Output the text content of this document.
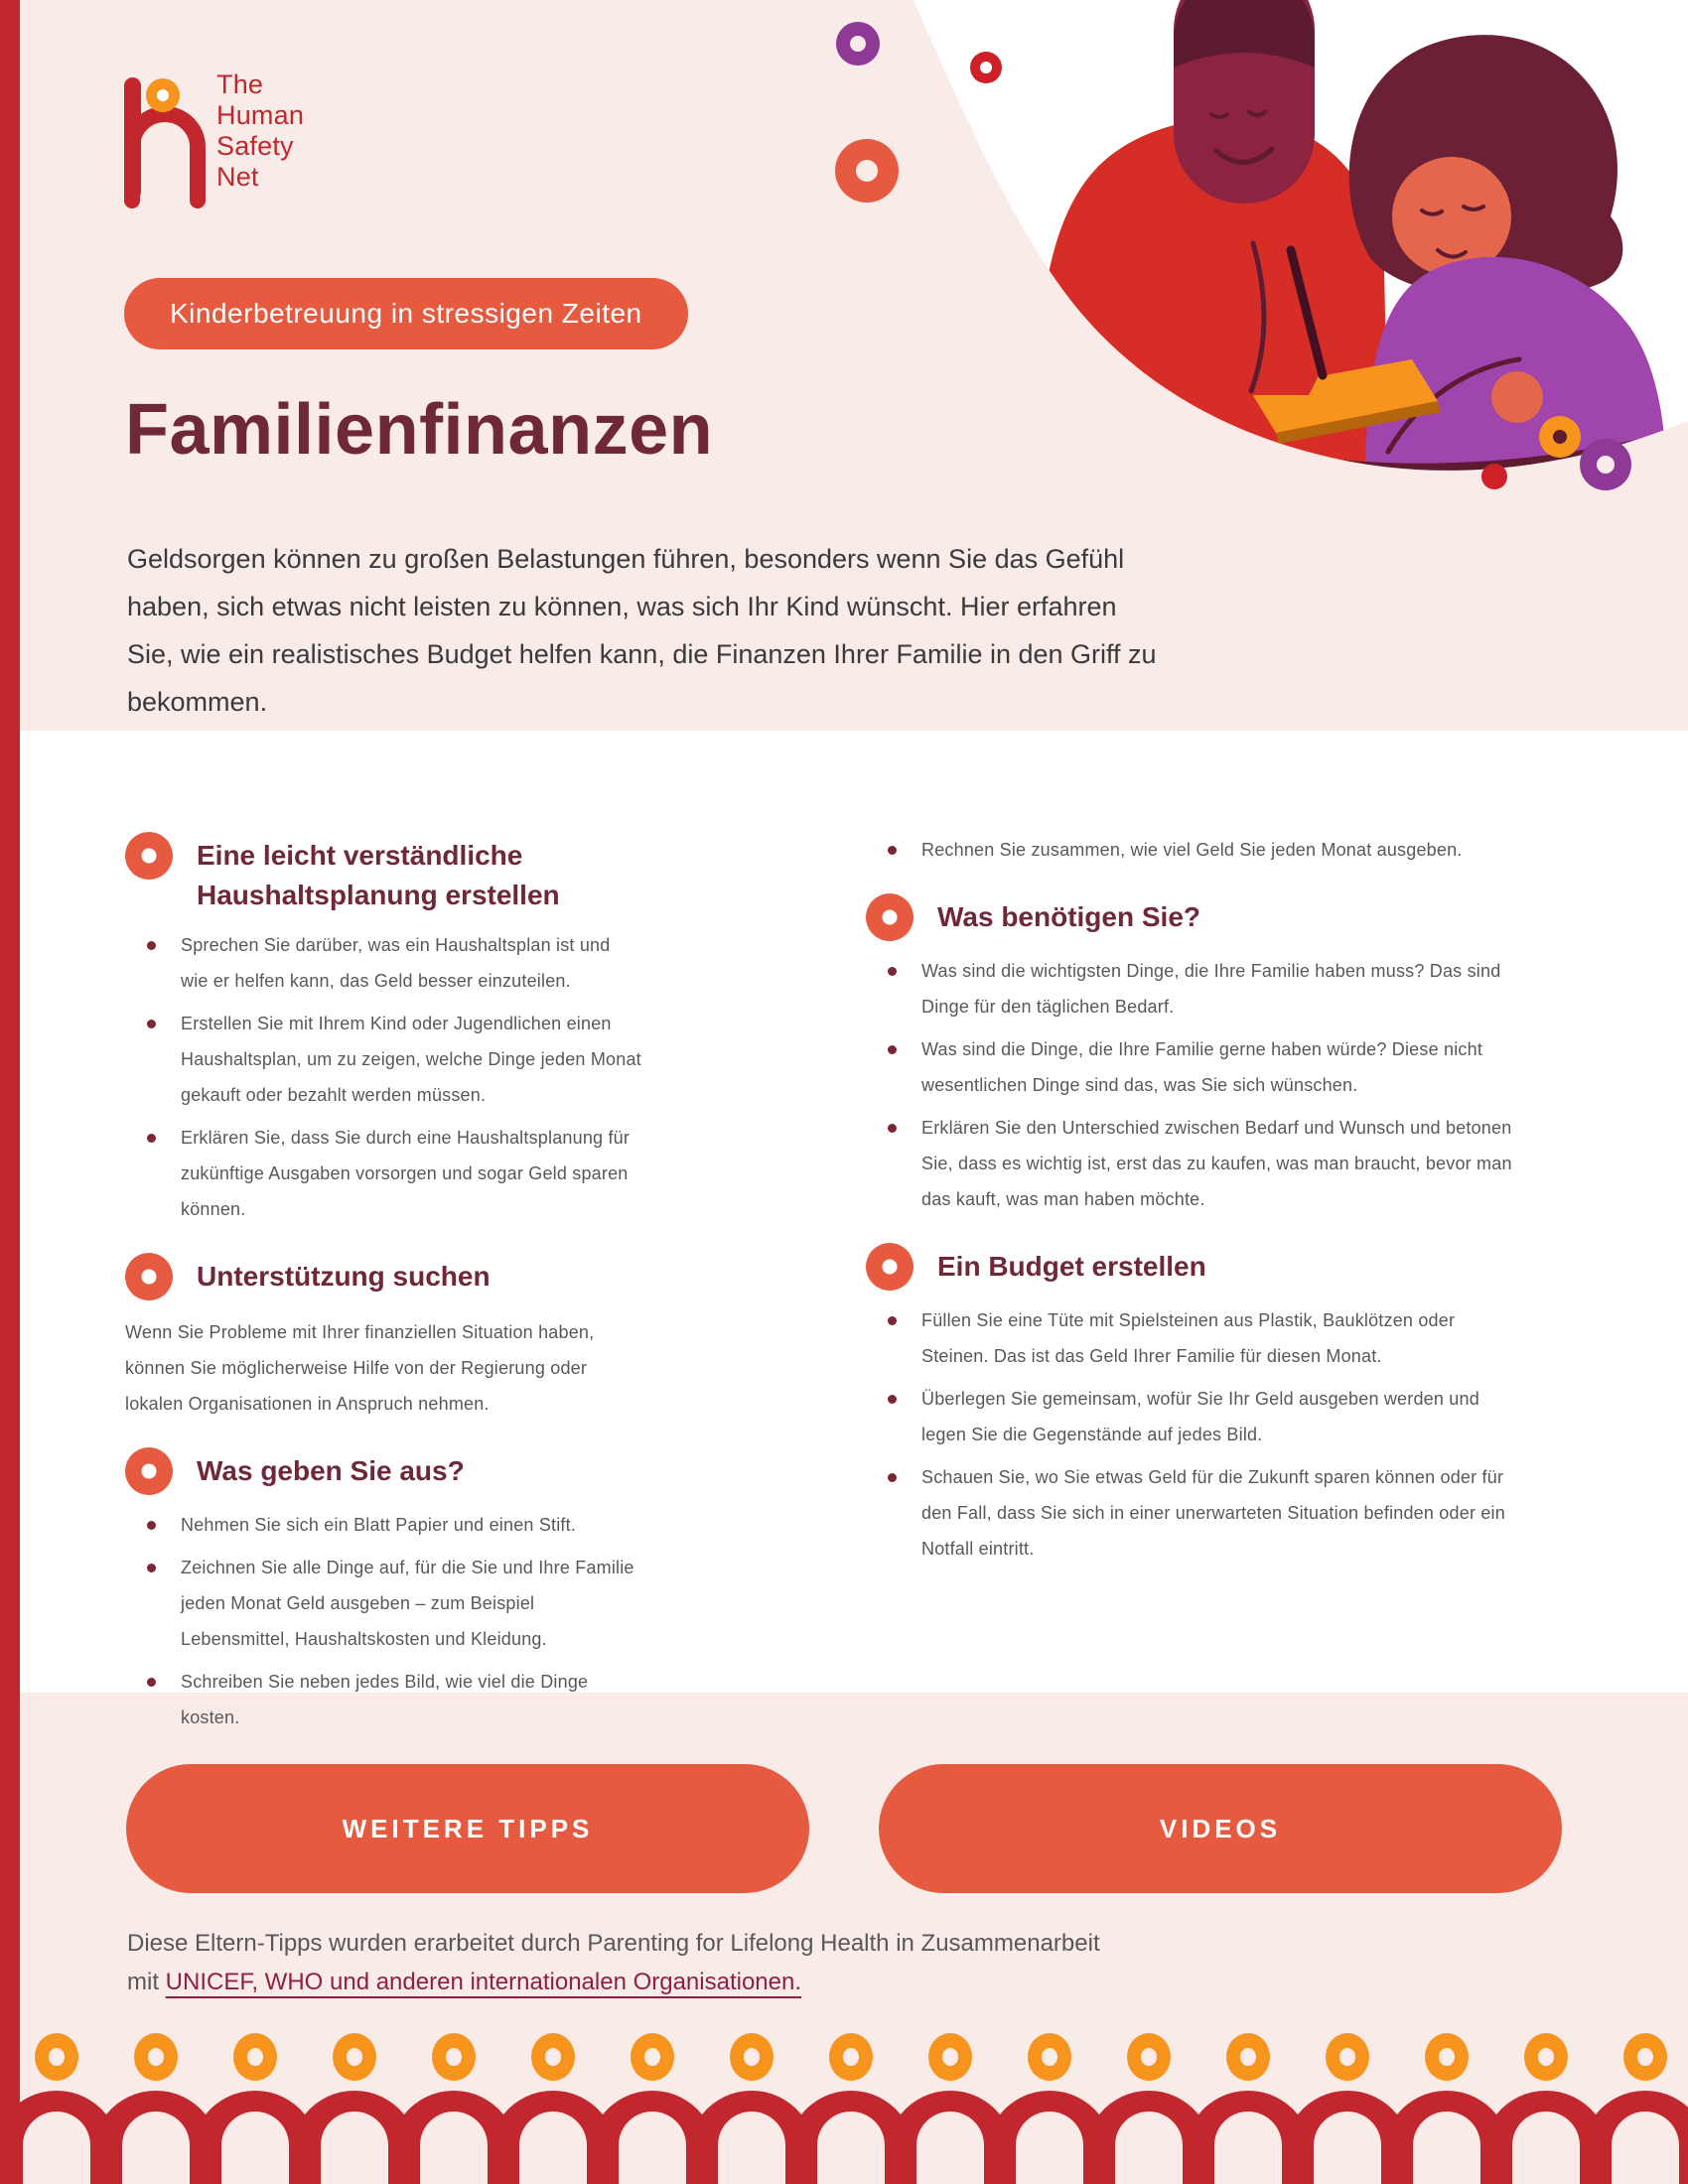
The
Human
Safety
Net
Kinderbetreuung in stressigen Zeiten
Familienfinanzen

Geldsorgen können zu großen Belastungen führen, besonders wenn Sie das Gefühl haben, sich etwas nicht leisten zu können, was sich Ihr Kind wünscht. Hier erfahren Sie, wie ein realistisches Budget helfen kann, die Finanzen Ihrer Familie in den Griff zu bekommen.

Eine leicht verständliche Haushaltsplanung erstellen
Sprechen Sie darüber, was ein Haushaltsplan ist und wie er helfen kann, das Geld besser einzuteilen.
Erstellen Sie mit Ihrem Kind oder Jugendlichen einen Haushaltsplan, um zu zeigen, welche Dinge jeden Monat gekauft oder bezahlt werden müssen.
Erklären Sie, dass Sie durch eine Haushaltsplanung für zukünftige Ausgaben vorsorgen und sogar Geld sparen können.
Unterstützung suchen

Wenn Sie Probleme mit Ihrer finanziellen Situation haben, können Sie möglicherweise Hilfe von der Regierung oder lokalen Organisationen in Anspruch nehmen.

Was geben Sie aus?
Nehmen Sie sich ein Blatt Papier und einen Stift.
Zeichnen Sie alle Dinge auf, für die Sie und Ihre Familie jeden Monat Geld ausgeben – zum Beispiel Lebensmittel, Haushaltskosten und Kleidung.
Schreiben Sie neben jedes Bild, wie viel die Dinge kosten.
Rechnen Sie zusammen, wie viel Geld Sie jeden Monat ausgeben.
Was benötigen Sie?
Was sind die wichtigsten Dinge, die Ihre Familie haben muss? Das sind Dinge für den täglichen Bedarf.
Was sind die Dinge, die Ihre Familie gerne haben würde? Diese nicht wesentlichen Dinge sind das, was Sie sich wünschen.
Erklären Sie den Unterschied zwischen Bedarf und Wunsch und betonen Sie, dass es wichtig ist, erst das zu kaufen, was man braucht, bevor man das kauft, was man haben möchte.
Ein Budget erstellen
Füllen Sie eine Tüte mit Spielsteinen aus Plastik, Bauklötzen oder Steinen. Das ist das Geld Ihrer Familie für diesen Monat.
Überlegen Sie gemeinsam, wofür Sie Ihr Geld ausgeben werden und legen Sie die Gegenstände auf jedes Bild.
Schauen Sie, wo Sie etwas Geld für die Zukunft sparen können oder für den Fall, dass Sie sich in einer unerwarteten Situation befinden oder ein Notfall eintritt.
WEITERE TIPPS	VIDEOS
Diese Eltern-Tipps wurden erarbeitet durch Parenting for Lifelong Health in Zusammenarbeit
mit UNICEF, WHO und anderen internationalen Organisationen.
